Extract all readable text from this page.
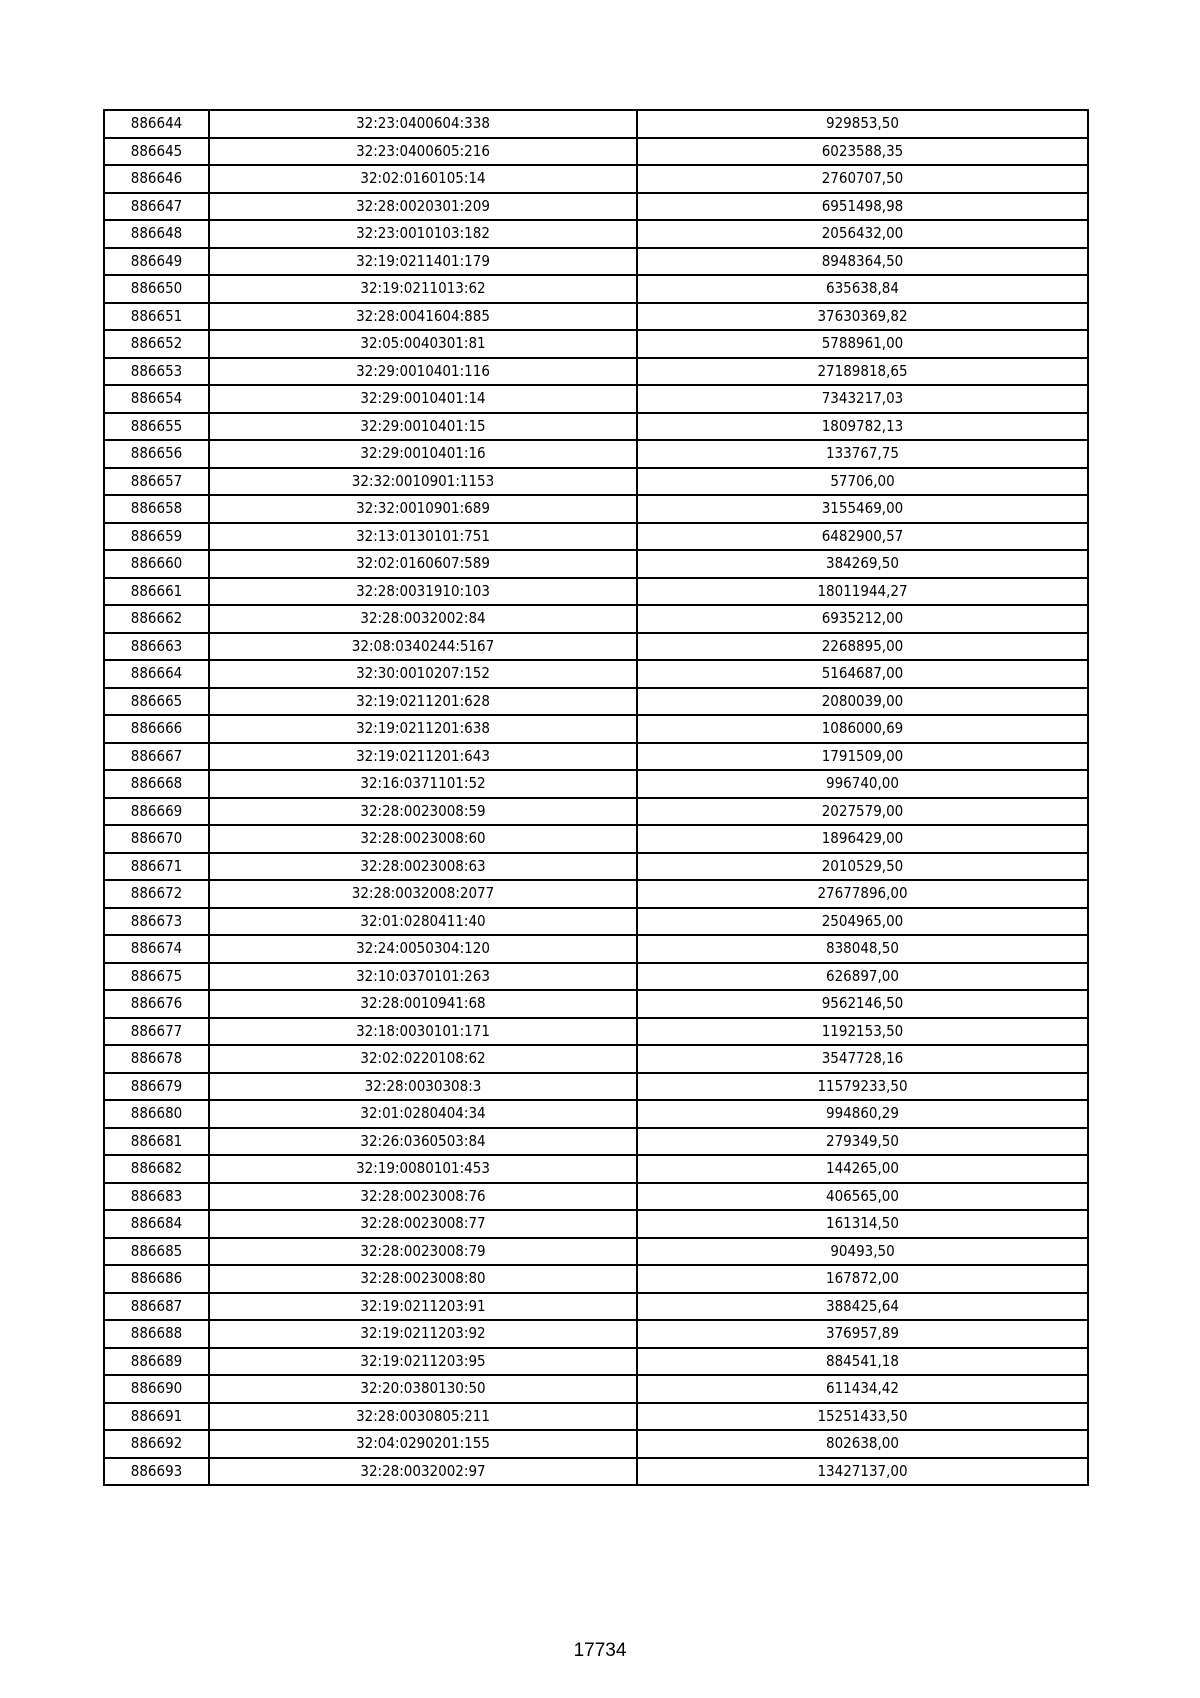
886644	32:23:0400604:338	929853,50
886645	32:23:0400605:216	6023588,35
886646	32:02:0160105:14	2760707,50
886647	32:28:0020301:209	6951498,98
886648	32:23:0010103:182	2056432,00
886649	32:19:0211401:179	8948364,50
886650	32:19:0211013:62	635638,84
886651	32:28:0041604:885	37630369,82
886652	32:05:0040301:81	5788961,00
886653	32:29:0010401:116	27189818,65
886654	32:29:0010401:14	7343217,03
886655	32:29:0010401:15	1809782,13
886656	32:29:0010401:16	133767,75
886657	32:32:0010901:1153	57706,00
886658	32:32:0010901:689	3155469,00
886659	32:13:0130101:751	6482900,57
886660	32:02:0160607:589	384269,50
886661	32:28:0031910:103	18011944,27
886662	32:28:0032002:84	6935212,00
886663	32:08:0340244:5167	2268895,00
886664	32:30:0010207:152	5164687,00
886665	32:19:0211201:628	2080039,00
886666	32:19:0211201:638	1086000,69
886667	32:19:0211201:643	1791509,00
886668	32:16:0371101:52	996740,00
886669	32:28:0023008:59	2027579,00
886670	32:28:0023008:60	1896429,00
886671	32:28:0023008:63	2010529,50
886672	32:28:0032008:2077	27677896,00
886673	32:01:0280411:40	2504965,00
886674	32:24:0050304:120	838048,50
886675	32:10:0370101:263	626897,00
886676	32:28:0010941:68	9562146,50
886677	32:18:0030101:171	1192153,50
886678	32:02:0220108:62	3547728,16
886679	32:28:0030308:3	11579233,50
886680	32:01:0280404:34	994860,29
886681	32:26:0360503:84	279349,50
886682	32:19:0080101:453	144265,00
886683	32:28:0023008:76	406565,00
886684	32:28:0023008:77	161314,50
886685	32:28:0023008:79	90493,50
886686	32:28:0023008:80	167872,00
886687	32:19:0211203:91	388425,64
886688	32:19:0211203:92	376957,89
886689	32:19:0211203:95	884541,18
886690	32:20:0380130:50	611434,42
886691	32:28:0030805:211	15251433,50
886692	32:04:0290201:155	802638,00
886693	32:28:0032002:97	13427137,00
17734
